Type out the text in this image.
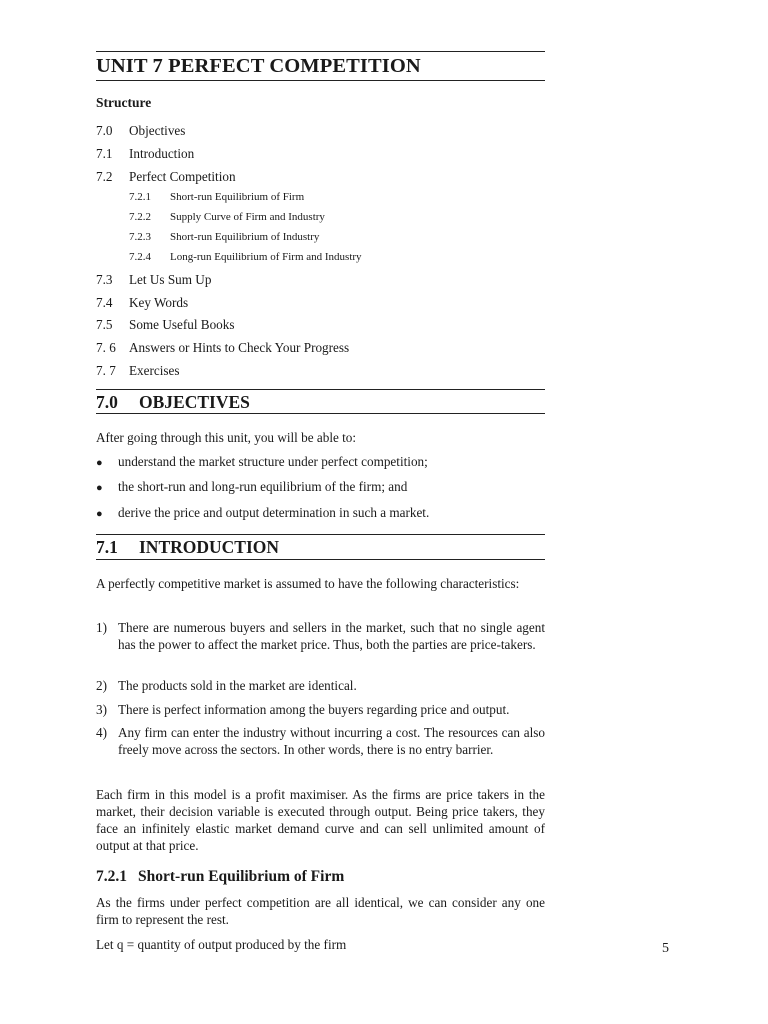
UNIT 7 PERFECT COMPETITION
Structure
7.0 Objectives
7.1 Introduction
7.2 Perfect Competition
7.2.1 Short-run Equilibrium of Firm
7.2.2 Supply Curve of Firm and Industry
7.2.3 Short-run Equilibrium of Industry
7.2.4 Long-run Equilibrium of Firm and Industry
7.3 Let Us Sum Up
7.4 Key Words
7.5 Some Useful Books
7. 6 Answers or Hints to Check Your Progress
7. 7 Exercises
7.0 OBJECTIVES
After going through this unit, you will be able to:
● understand the market structure under perfect competition;
● the short-run and long-run equilibrium of the firm; and
● derive the price and output determination in such a market.
7.1 INTRODUCTION
A perfectly competitive market is assumed to have the following characteristics:
1) There are numerous buyers and sellers in the market, such that no single agent has the power to affect the market price. Thus, both the parties are price-takers.
2) The products sold in the market are identical.
3) There is perfect information among the buyers regarding price and output.
4) Any firm can enter the industry without incurring a cost. The resources can also freely move across the sectors. In other words, there is no entry barrier.
Each firm in this model is a profit maximiser. As the firms are price takers in the market, their decision variable is executed through output. Being price takers, they face an infinitely elastic market demand curve and can sell unlimited amount of output at that price.
7.2.1 Short-run Equilibrium of Firm
As the firms under perfect competition are all identical, we can consider any one firm to represent the rest.
Let q = quantity of output produced by the firm	5
